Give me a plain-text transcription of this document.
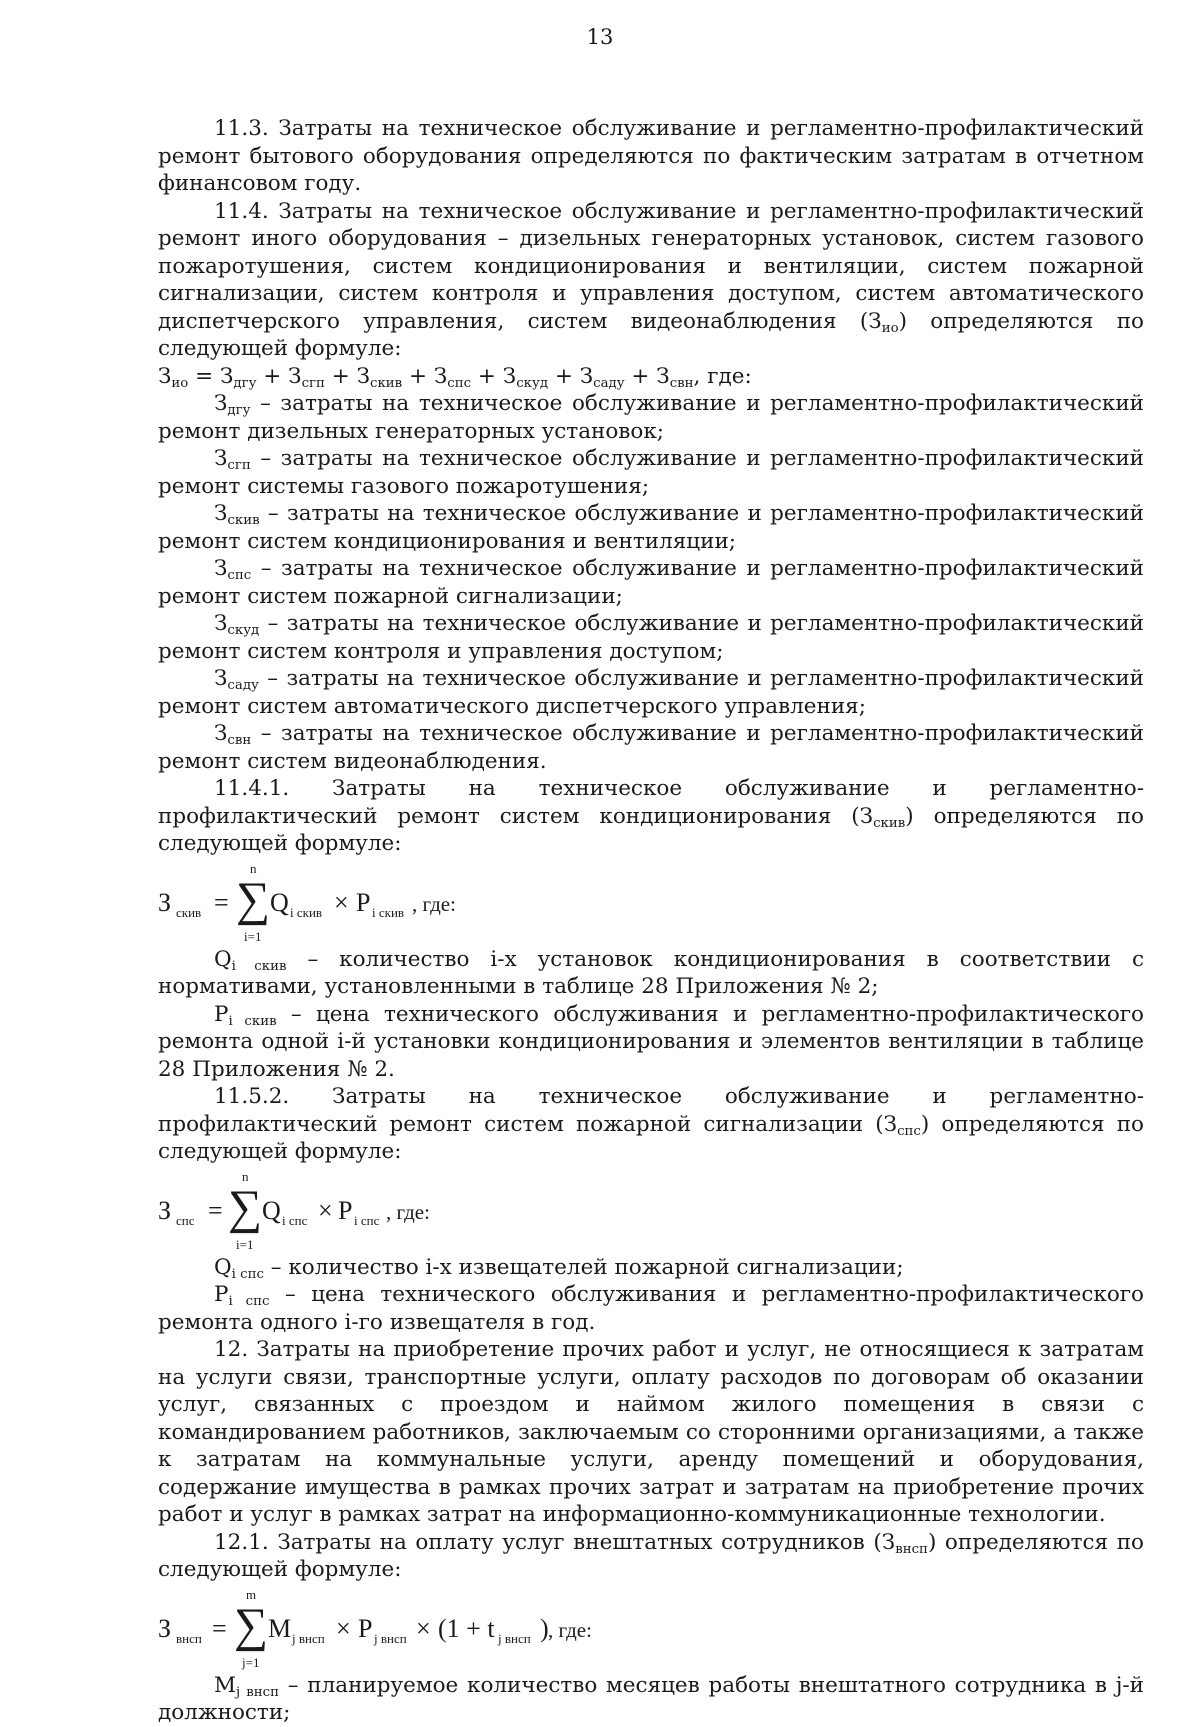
13

11.3. Затраты на техническое обслуживание и регламентно-профилактический ремонт бытового оборудования определяются по фактическим затратам в отчетном финансовом году.

11.4. Затраты на техническое обслуживание и регламентно-профилактический ремонт иного оборудования – дизельных генераторных установок, систем газового пожаротушения, систем кондиционирования и вентиляции, систем пожарной сигнализации, систем контроля и управления доступом, систем автоматического диспетчерского управления, систем видеонаблюдения $(З_{ио})$ определяются по следующей формуле:

$З_{ио} = З_{дгу} + З_{сгп} + З_{скив} + З_{спс} + З_{скуд} + З_{саду} + З_{свн}$, где:

$З_{дгу}$ – затраты на техническое обслуживание и регламентно-профилактический ремонт дизельных генераторных установок;

$З_{сгп}$ – затраты на техническое обслуживание и регламентно-профилактический ремонт системы газового пожаротушения;

$З_{скив}$ – затраты на техническое обслуживание и регламентно-профилактический ремонт систем кондиционирования и вентиляции;

$З_{спс}$ – затраты на техническое обслуживание и регламентно-профилактический ремонт систем пожарной сигнализации;

$З_{скуд}$ – затраты на техническое обслуживание и регламентно-профилактический ремонт систем контроля и управления доступом;

$З_{саду}$ – затраты на техническое обслуживание и регламентно-профилактический ремонт систем автоматического диспетчерского управления;

$З_{свн}$ – затраты на техническое обслуживание и регламентно-профилактический ремонт систем видеонаблюдения.

11.4.1. Затраты на техническое обслуживание и регламентно-профилактический ремонт систем кондиционирования $(З_{скив})$ определяются по следующей формуле:

З скив =
n
∑
i=1
Q i скив × P i скив , где:

$Q_{i скив}$ – количество i-х установок кондиционирования в соответствии с нормативами, установленными в таблице 28 Приложения № 2;

$P_{i скив}$ – цена технического обслуживания и регламентно-профилактического ремонта одной i-й установки кондиционирования и элементов вентиляции в таблице 28 Приложения № 2.

11.5.2. Затраты на техническое обслуживание и регламентно-профилактический ремонт систем пожарной сигнализации $(З_{спс})$ определяются по следующей формуле:

З спс =
n
∑
i=1
Q i спс × P i спс , где:

$Q_{i спс}$ – количество i-х извещателей пожарной сигнализации;

$P_{i спс}$ – цена технического обслуживания и регламентно-профилактического ремонта одного i-го извещателя в год.

12. Затраты на приобретение прочих работ и услуг, не относящиеся к затратам на услуги связи, транспортные услуги, оплату расходов по договорам об оказании услуг, связанных с проездом и наймом жилого помещения в связи с командированием работников, заключаемым со сторонними организациями, а также к затратам на коммунальные услуги, аренду помещений и оборудования, содержание имущества в рамках прочих затрат и затратам на приобретение прочих работ и услуг в рамках затрат на информационно-коммуникационные технологии.

12.1. Затраты на оплату услуг внештатных сотрудников $(З_{внсп})$ определяются по следующей формуле:

З внсп =
m
∑
j=1
M j внсп × P j внсп × (1 + t j внсп ) , где:

$M_{j внсп}$ – планируемое количество месяцев работы внештатного сотрудника в j-й должности;
